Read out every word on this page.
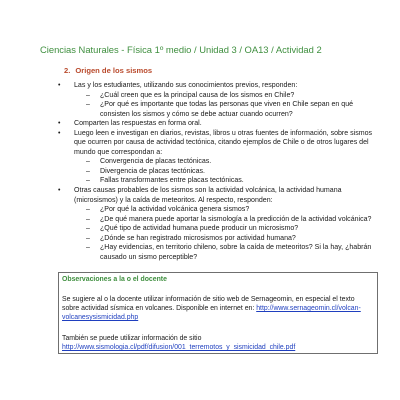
Ciencias Naturales - Física 1º medio / Unidad 3 / OA13 / Actividad 2
2. Origen de los sismos
• Las y los estudiantes, utilizando sus conocimientos previos, responden:
– ¿Cuál creen que es la principal causa de los sismos en Chile?
– ¿Por qué es importante que todas las personas que viven en Chile sepan en qué consisten los sismos y cómo se debe actuar cuando ocurren?
• Comparten las respuestas en forma oral.
• Luego leen e investigan en diarios, revistas, libros u otras fuentes de información, sobre sismos que ocurren por causa de actividad tectónica, citando ejemplos de Chile o de otros lugares del mundo que correspondan a:
– Convergencia de placas tectónicas.
– Divergencia de placas tectónicas.
– Fallas transformantes entre placas tectónicas.
• Otras causas probables de los sismos son la actividad volcánica, la actividad humana (microsismos) y la caída de meteoritos. Al respecto, responden:
– ¿Por qué la actividad volcánica genera sismos?
– ¿De qué manera puede aportar la sismología a la predicción de la actividad volcánica?
– ¿Qué tipo de actividad humana puede producir un microsismo?
– ¿Dónde se han registrado microsismos por actividad humana?
– ¿Hay evidencias, en territorio chileno, sobre la caída de meteoritos? Si la hay, ¿habrán causado un sismo perceptible?
Observaciones a la o el docente

Se sugiere al o la docente utilizar información de sitio web de Sernageomin, en especial el texto sobre actividad sísmica en volcanes. Disponible en internet en: http://www.sernageomin.cl/volcan-volcanesysismicidad.php

También se puede utilizar información de sitio
http://www.sismologia.cl/pdf/difusion/001_terremotos_y_sismicidad_chile.pdf
